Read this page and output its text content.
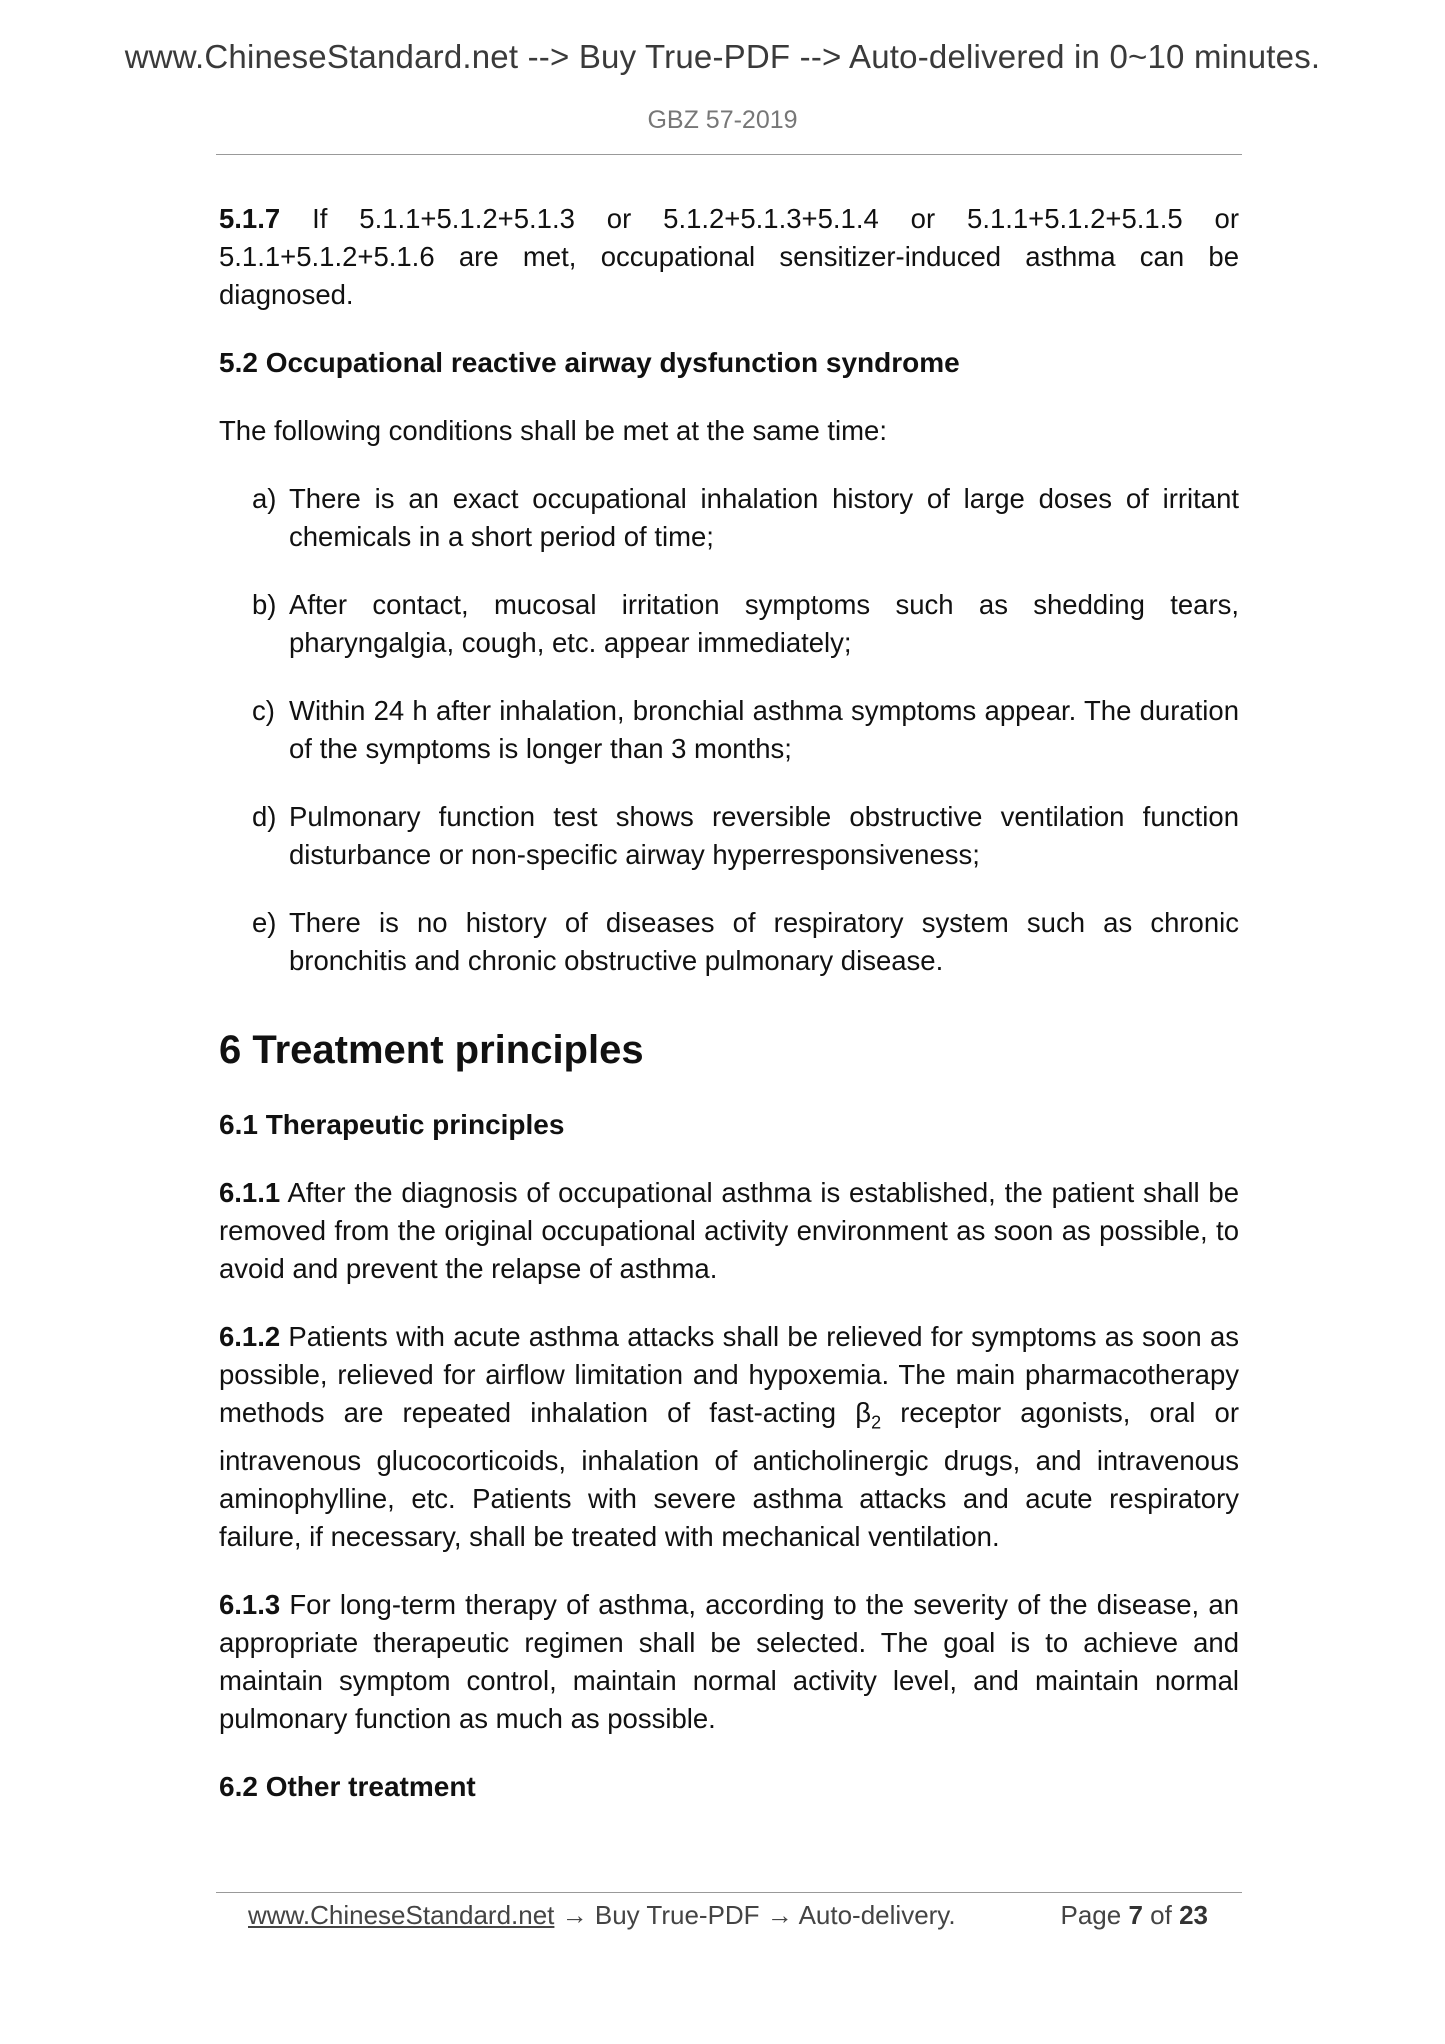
www.ChineseStandard.net --> Buy True-PDF --> Auto-delivered in 0~10 minutes.
GBZ 57-2019

5.1.7 If 5.1.1+5.1.2+5.1.3 or 5.1.2+5.1.3+5.1.4 or 5.1.1+5.1.2+5.1.5 or 5.1.1+5.1.2+5.1.6 are met, occupational sensitizer-induced asthma can be diagnosed.

5.2 Occupational reactive airway dysfunction syndrome

The following conditions shall be met at the same time:

a) There is an exact occupational inhalation history of large doses of irritant chemicals in a short period of time;
b) After contact, mucosal irritation symptoms such as shedding tears, pharyngalgia, cough, etc. appear immediately;
c) Within 24 h after inhalation, bronchial asthma symptoms appear. The duration of the symptoms is longer than 3 months;
d) Pulmonary function test shows reversible obstructive ventilation function disturbance or non-specific airway hyperresponsiveness;
e) There is no history of diseases of respiratory system such as chronic bronchitis and chronic obstructive pulmonary disease.
6 Treatment principles
6.1 Therapeutic principles

6.1.1 After the diagnosis of occupational asthma is established, the patient shall be removed from the original occupational activity environment as soon as possible, to avoid and prevent the relapse of asthma.

6.1.2 Patients with acute asthma attacks shall be relieved for symptoms as soon as possible, relieved for airflow limitation and hypoxemia. The main pharmacotherapy methods are repeated inhalation of fast-acting $\beta_2$ receptor agonists, oral or intravenous glucocorticoids, inhalation of anticholinergic drugs, and intravenous aminophylline, etc. Patients with severe asthma attacks and acute respiratory failure, if necessary, shall be treated with mechanical ventilation.

6.1.3 For long-term therapy of asthma, according to the severity of the disease, an appropriate therapeutic regimen shall be selected. The goal is to achieve and maintain symptom control, maintain normal activity level, and maintain normal pulmonary function as much as possible.

6.2 Other treatment
www.ChineseStandard.net → Buy True-PDF → Auto-delivery.	Page 7 of 23
